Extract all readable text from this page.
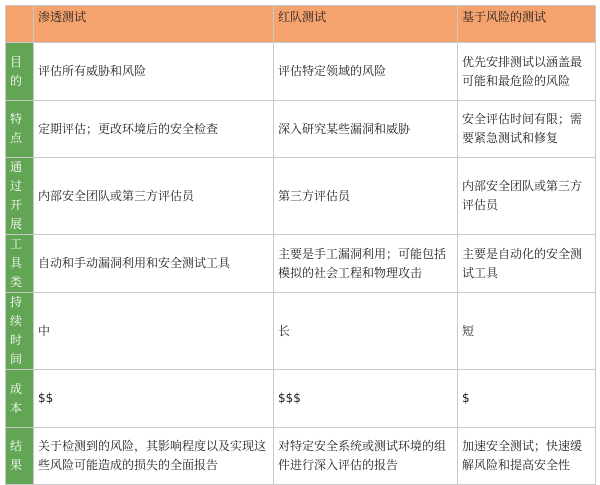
	渗透测试	红队测试	基于风险的测试
目的	评估所有威胁和风险	评估特定领域的风险	优先安排测试以涵盖最可能和最危险的风险
特点	定期评估；更改环境后的安全检查	深入研究某些漏洞和威胁	安全评估时间有限；需要紧急测试和修复
通过开展	内部安全团队或第三方评估员	第三方评估员	内部安全团队或第三方评估员
工具类	自动和手动漏洞利用和安全测试工具	主要是手工漏洞利用；可能包括模拟的社会工程和物理攻击	主要是自动化的安全测试工具
持续时间	中	长	短
成本	$$	$$$	$
结果	关于检测到的风险，其影响程度以及实现这些风险可能造成的损失的全面报告	对特定安全系统或测试环境的组件进行深入评估的报告	加速安全测试；快速缓解风险和提高安全性
